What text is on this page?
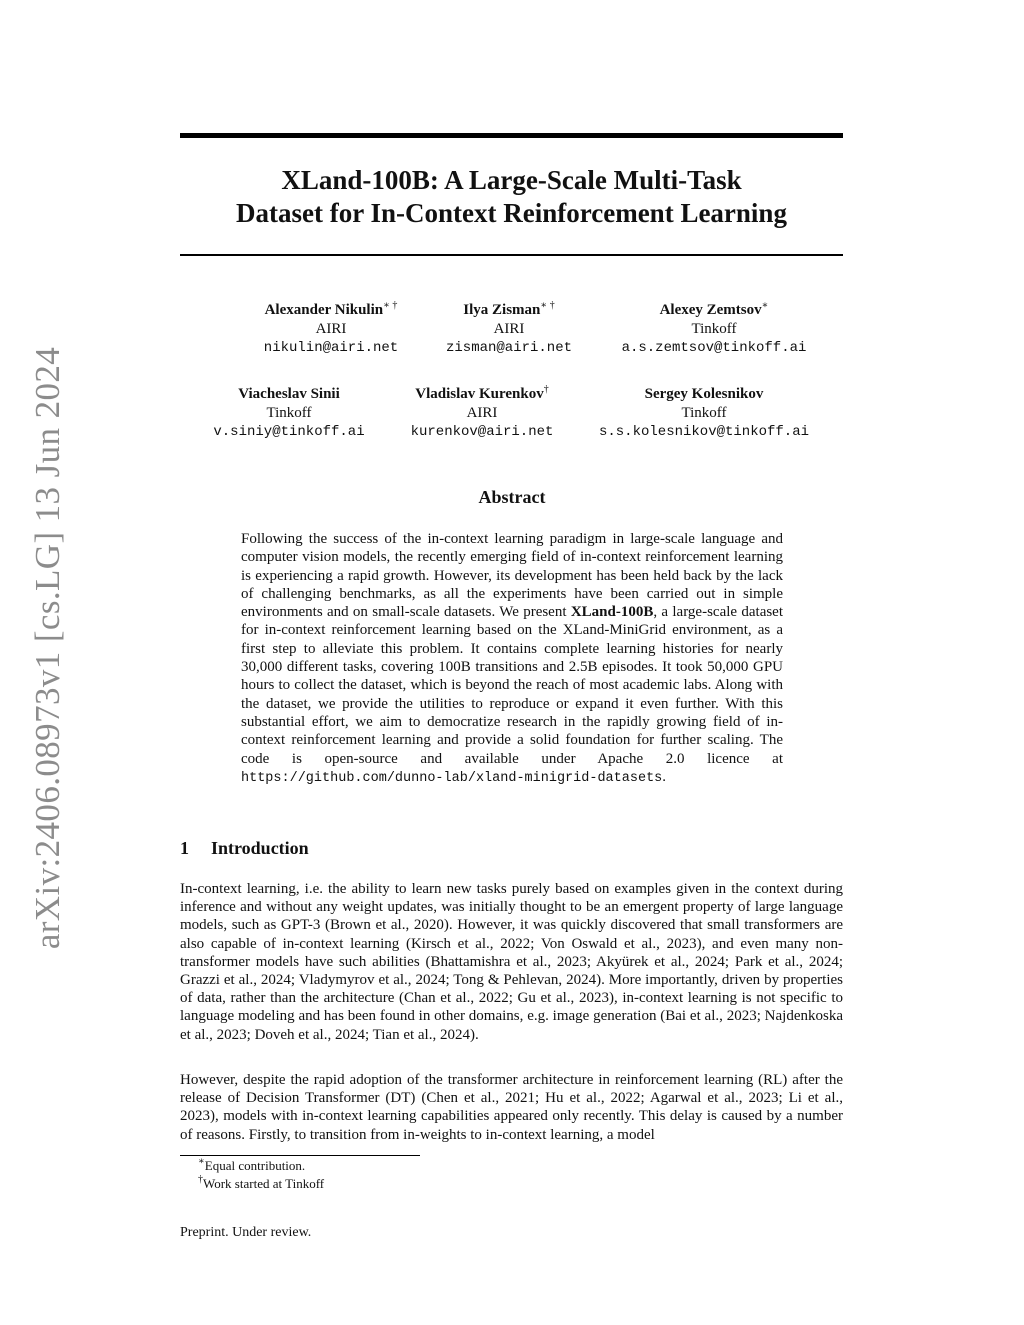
arXiv:2406.08973v1 [cs.LG] 13 Jun 2024
XLand-100B: A Large-Scale Multi-Task
Dataset for In-Context Reinforcement Learning
Alexander Nikulin∗ †
AIRI
nikulin@airi.net
Ilya Zisman∗ †
AIRI
zisman@airi.net
Alexey Zemtsov∗
Tinkoff
a.s.zemtsov@tinkoff.ai
Viacheslav Sinii
Tinkoff
v.siniy@tinkoff.ai
Vladislav Kurenkov†
AIRI
kurenkov@airi.net
Sergey Kolesnikov
Tinkoff
s.s.kolesnikov@tinkoff.ai
Abstract

Following the success of the in-context learning paradigm in large-scale language and computer vision models, the recently emerging field of in-context reinforcement learning is experiencing a rapid growth. However, its development has been held back by the lack of challenging benchmarks, as all the experiments have been carried out in simple environments and on small-scale datasets. We present XLand-100B, a large-scale dataset for in-context reinforcement learning based on the XLand-MiniGrid environment, as a first step to alleviate this problem. It contains complete learning histories for nearly 30,000 different tasks, covering 100B transitions and 2.5B episodes. It took 50,000 GPU hours to collect the dataset, which is beyond the reach of most academic labs. Along with the dataset, we provide the utilities to reproduce or expand it even further. With this substantial effort, we aim to democratize research in the rapidly growing field of in-context reinforcement learning and provide a solid foundation for further scaling. The code is open-source and available under Apache 2.0 licence at https://github.com/dunno-lab/xland-minigrid-datasets.

1 Introduction

In-context learning, i.e. the ability to learn new tasks purely based on examples given in the context during inference and without any weight updates, was initially thought to be an emergent property of large language models, such as GPT-3 (Brown et al., 2020). However, it was quickly discovered that small transformers are also capable of in-context learning (Kirsch et al., 2022; Von Oswald et al., 2023), and even many non-transformer models have such abilities (Bhattamishra et al., 2023; Akyürek et al., 2024; Park et al., 2024; Grazzi et al., 2024; Vladymyrov et al., 2024; Tong & Pehlevan, 2024). More importantly, driven by properties of data, rather than the architecture (Chan et al., 2022; Gu et al., 2023), in-context learning is not specific to language modeling and has been found in other domains, e.g. image generation (Bai et al., 2023; Najdenkoska et al., 2023; Doveh et al., 2024; Tian et al., 2024).

However, despite the rapid adoption of the transformer architecture in reinforcement learning (RL) after the release of Decision Transformer (DT) (Chen et al., 2021; Hu et al., 2022; Agarwal et al., 2023; Li et al., 2023), models with in-context learning capabilities appeared only recently. This delay is caused by a number of reasons. Firstly, to transition from in-weights to in-context learning, a model

∗Equal contribution.

†Work started at Tinkoff

Preprint. Under review.
